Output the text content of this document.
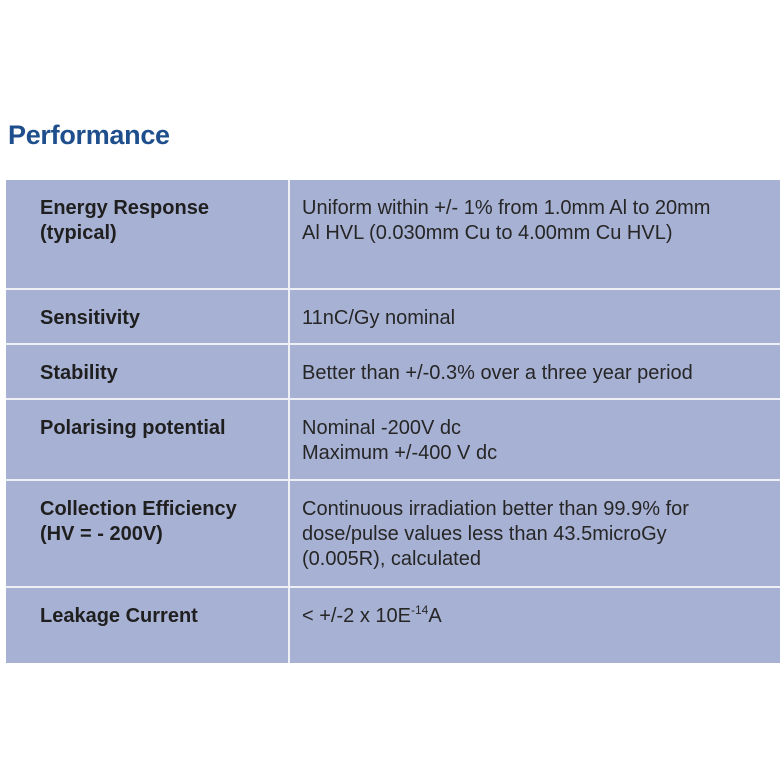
Performance
Energy Response
(typical)	Uniform within +/- 1% from 1.0mm Al to 20mm
Al HVL (0.030mm Cu to 4.00mm Cu HVL)

Sensitivity	11nC/Gy nominal

Stability	Better than +/-0.3% over a three year period

Polarising potential	Nominal -200V dc
Maximum +/-400 V dc

Collection Efficiency
(HV = - 200V)	Continuous irradiation better than 99.9% for
dose/pulse values less than 43.5microGy
(0.005R), calculated

Leakage Current	< +/-2 x $10E^{-14}A$
